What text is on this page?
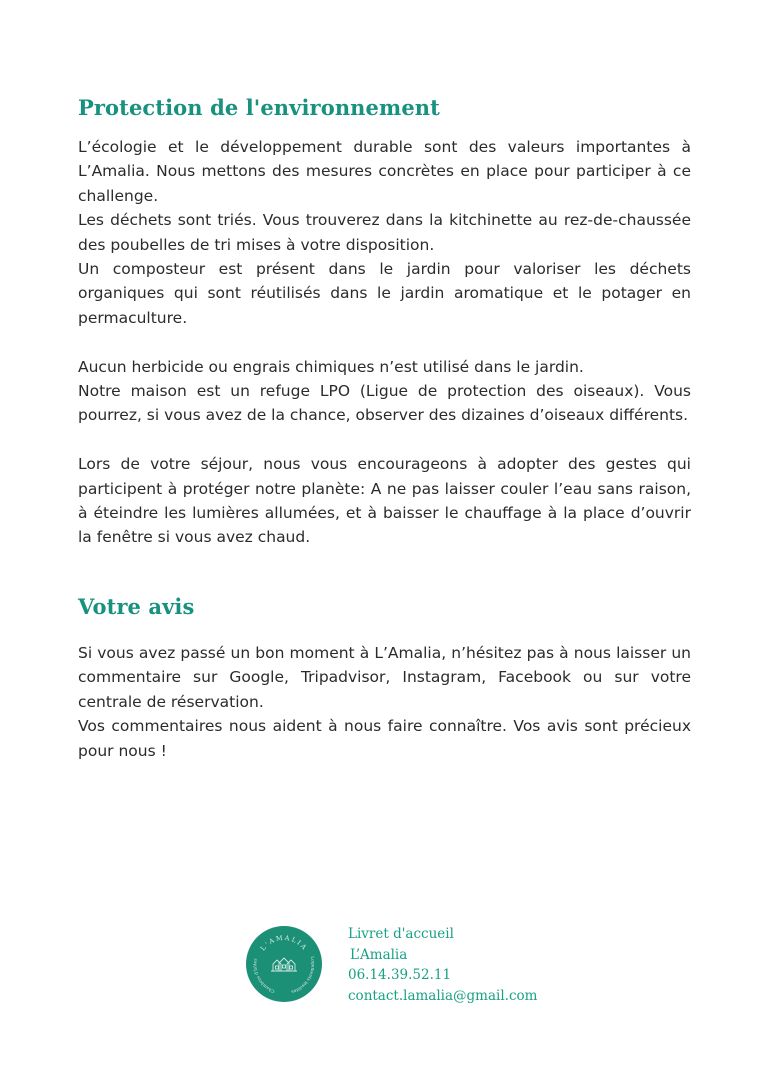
Protection de l'environnement

L’écologie et le développement durable sont des valeurs importantes à L’Amalia. Nous mettons des mesures concrètes en place pour participer à ce challenge.

Les déchets sont triés. Vous trouverez dans la kitchinette au rez-de-chaussée des poubelles de tri mises à votre disposition.

Un composteur est présent dans le jardin pour valoriser les déchets organiques qui sont réutilisés dans le jardin aromatique et le potager en permaculture.

Aucun herbicide ou engrais chimiques n’est utilisé dans le jardin.

Notre maison est un refuge LPO (Ligue de protection des oiseaux). Vous pourrez, si vous avez de la chance, observer des dizaines d’oiseaux différents.

Lors de votre séjour, nous vous encourageons à adopter des gestes qui participent à protéger notre planète: A ne pas laisser couler l’eau sans raison, à éteindre les lumières allumées, et à baisser le chauffage à la place d’ouvrir la fenêtre si vous avez chaud.

Votre avis

Si vous avez passé un bon moment à L’Amalia, n’hésitez pas à nous laisser un commentaire sur Google, Tripadvisor, Instagram, Facebook ou sur votre centrale de réservation.

Vos commentaires nous aident à nous faire connaître. Vos avis sont précieux pour nous !

L'AMALIA
Chambres d'hôtes	Logements insolites
Livret d'accueil
L’Amalia
06.14.39.52.11
contact.lamalia@gmail.com
